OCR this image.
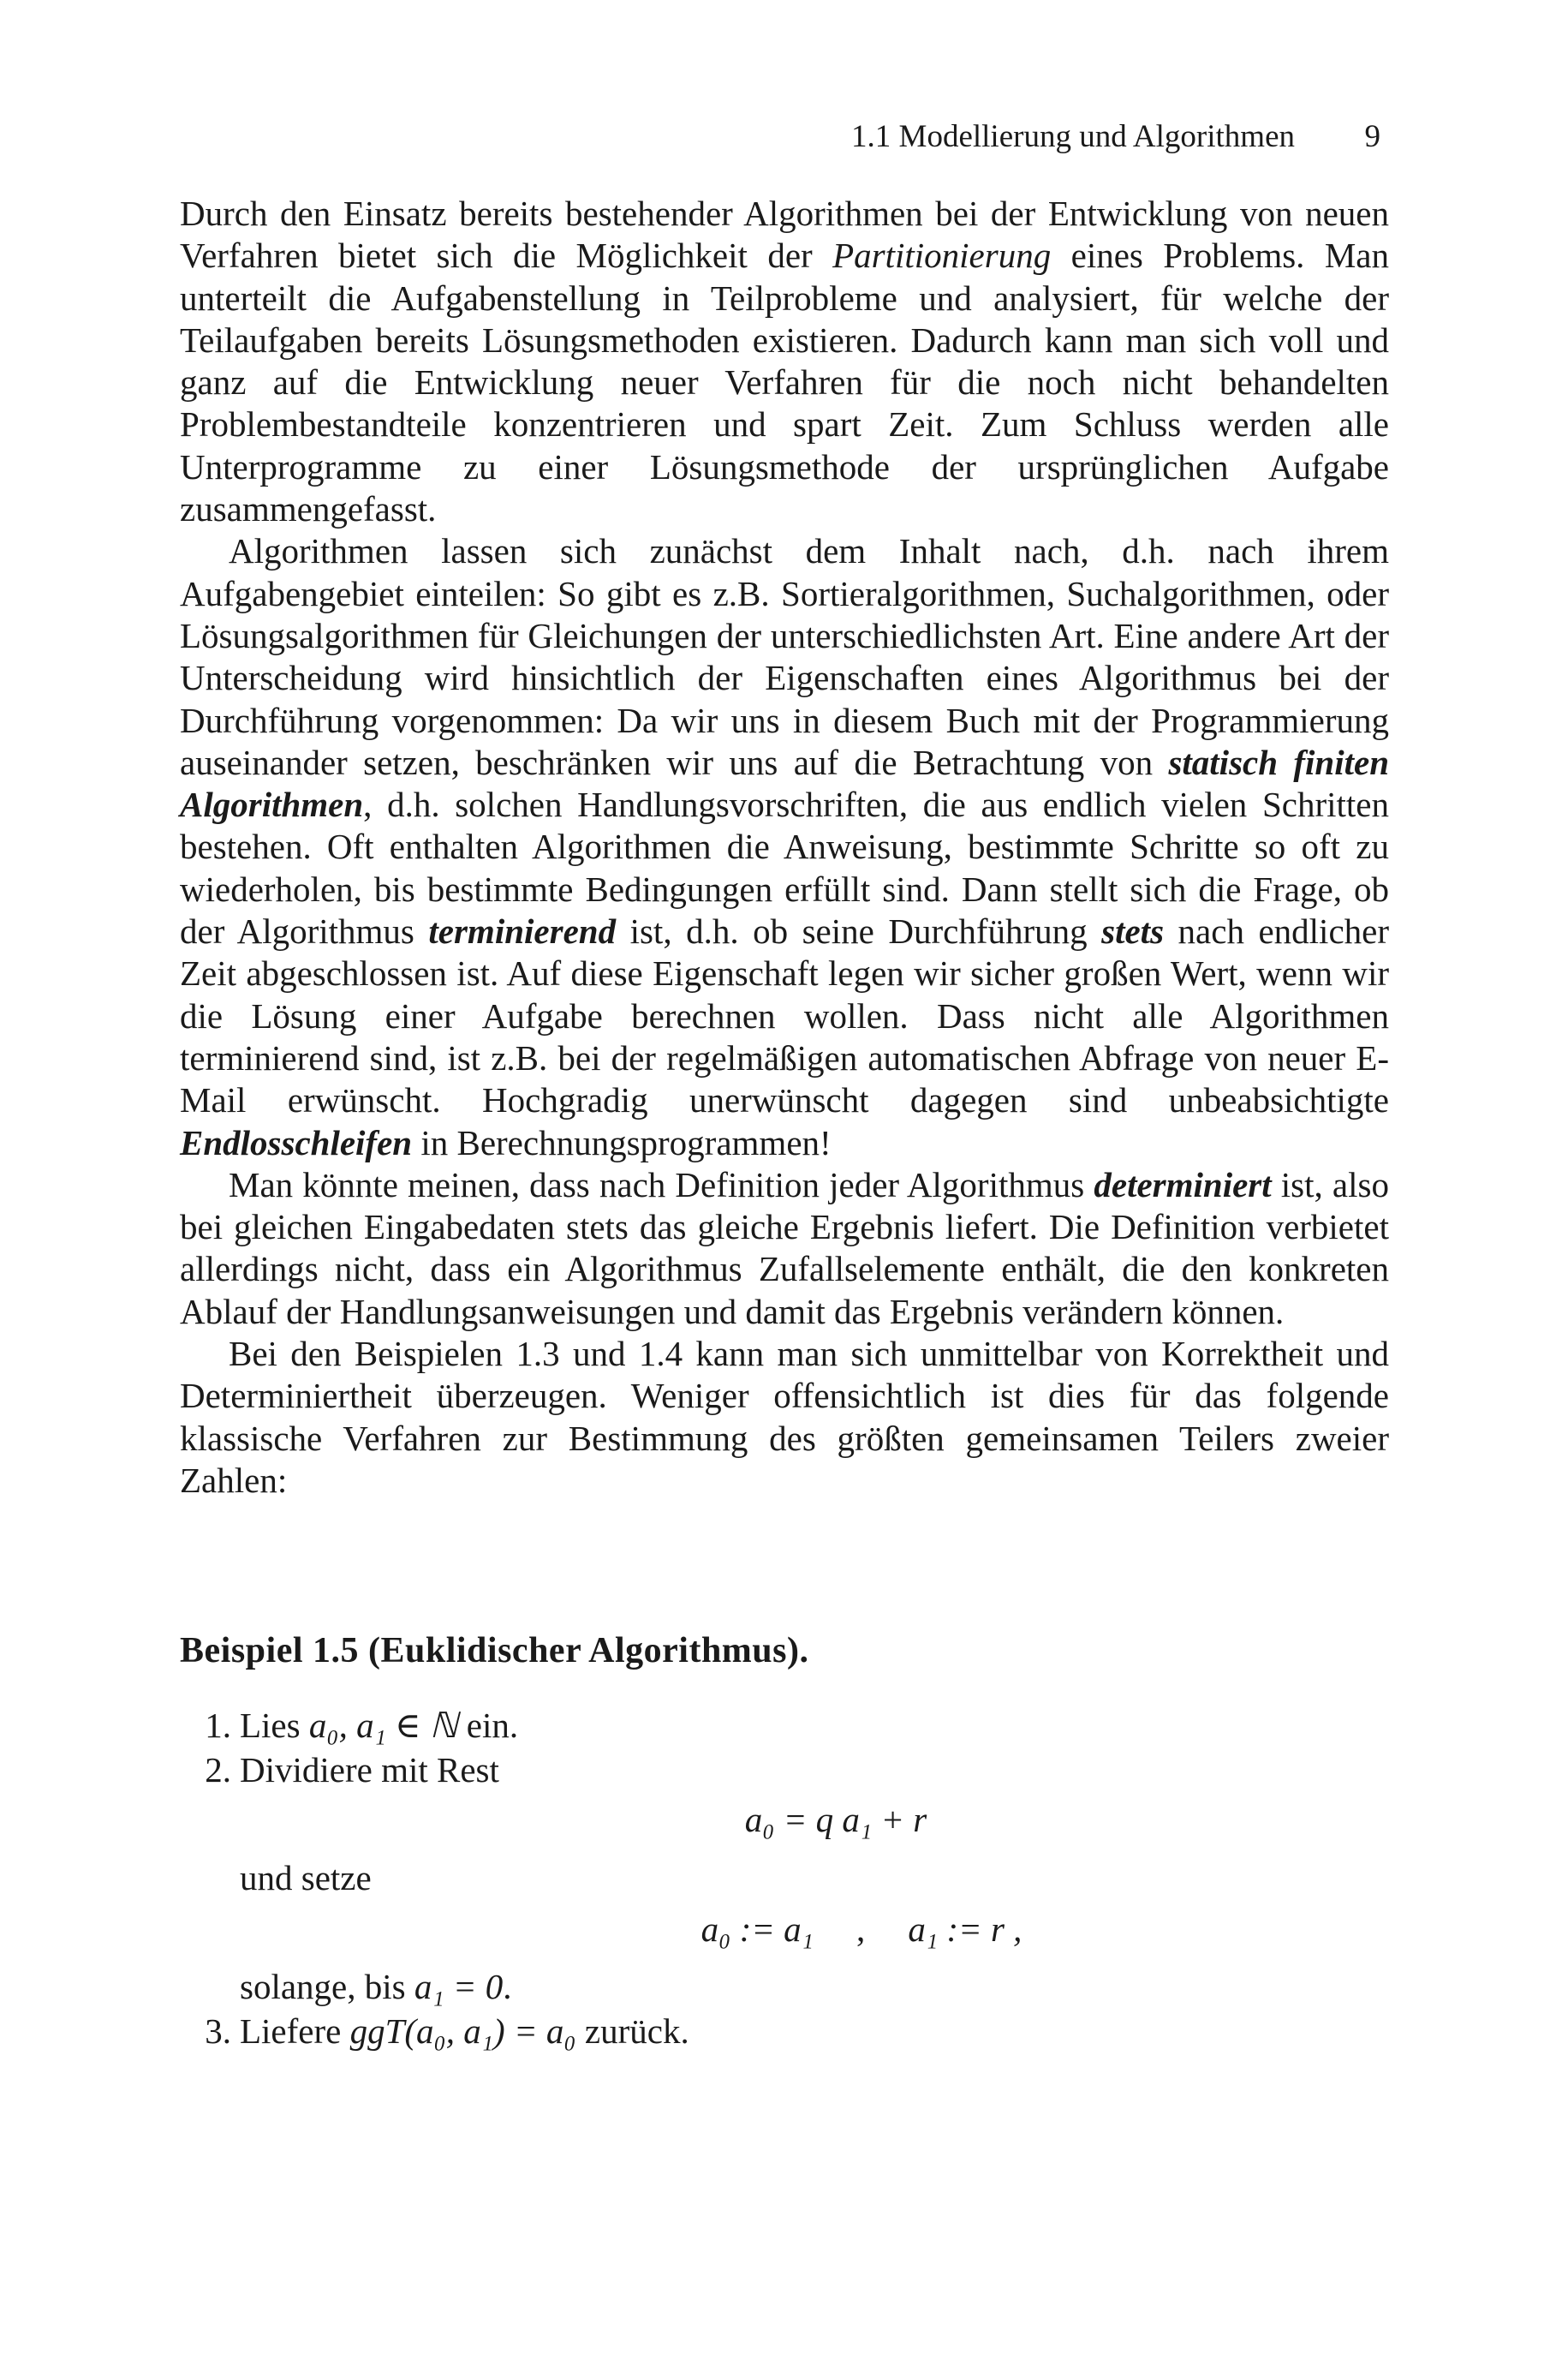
1.1 Modellierung und Algorithmen 9

Durch den Einsatz bereits bestehender Algorithmen bei der Entwicklung von neuen Verfahren bietet sich die Möglichkeit der Partitionierung eines Problems. Man unterteilt die Aufgabenstellung in Teilprobleme und analysiert, für welche der Teilaufgaben bereits Lösungsmethoden existieren. Dadurch kann man sich voll und ganz auf die Entwicklung neuer Verfahren für die noch nicht behandelten Problembestandteile konzentrieren und spart Zeit. Zum Schluss werden alle Unterprogramme zu einer Lösungsmethode der ursprünglichen Aufgabe zusammengefasst.

Algorithmen lassen sich zunächst dem Inhalt nach, d.h. nach ihrem Aufgabengebiet einteilen: So gibt es z.B. Sortieralgorithmen, Suchalgorithmen, oder Lösungsalgorithmen für Gleichungen der unterschiedlichsten Art. Eine andere Art der Unterscheidung wird hinsichtlich der Eigenschaften eines Algorithmus bei der Durchführung vorgenommen: Da wir uns in diesem Buch mit der Programmierung auseinander setzen, beschränken wir uns auf die Betrachtung von statisch finiten Algorithmen, d.h. solchen Handlungsvorschriften, die aus endlich vielen Schritten bestehen. Oft enthalten Algorithmen die Anweisung, bestimmte Schritte so oft zu wiederholen, bis bestimmte Bedingungen erfüllt sind. Dann stellt sich die Frage, ob der Algorithmus terminierend ist, d.h. ob seine Durchführung stets nach endlicher Zeit abgeschlossen ist. Auf diese Eigenschaft legen wir sicher großen Wert, wenn wir die Lösung einer Aufgabe berechnen wollen. Dass nicht alle Algorithmen terminierend sind, ist z.B. bei der regelmäßigen automatischen Abfrage von neuer E-Mail erwünscht. Hochgradig unerwünscht dagegen sind unbeabsichtigte Endlosschleifen in Berechnungsprogrammen!

Man könnte meinen, dass nach Definition jeder Algorithmus determiniert ist, also bei gleichen Eingabedaten stets das gleiche Ergebnis liefert. Die Definition verbietet allerdings nicht, dass ein Algorithmus Zufallselemente enthält, die den konkreten Ablauf der Handlungsanweisungen und damit das Ergebnis verändern können.

Bei den Beispielen 1.3 und 1.4 kann man sich unmittelbar von Korrektheit und Determiniertheit überzeugen. Weniger offensichtlich ist dies für das folgende klassische Verfahren zur Bestimmung des größten gemeinsamen Teilers zweier Zahlen:

Beispiel 1.5 (Euklidischer Algorithmus).
1. Lies a₀, a₁ ∈ ℕ ein.
2. Dividiere mit Rest
a₀ = q a₁ + r
und setze
a₀ := a₁ , a₁ := r ,
solange, bis a₁ = 0.
3. Liefere ggT(a₀, a₁) = a₀ zurück.
